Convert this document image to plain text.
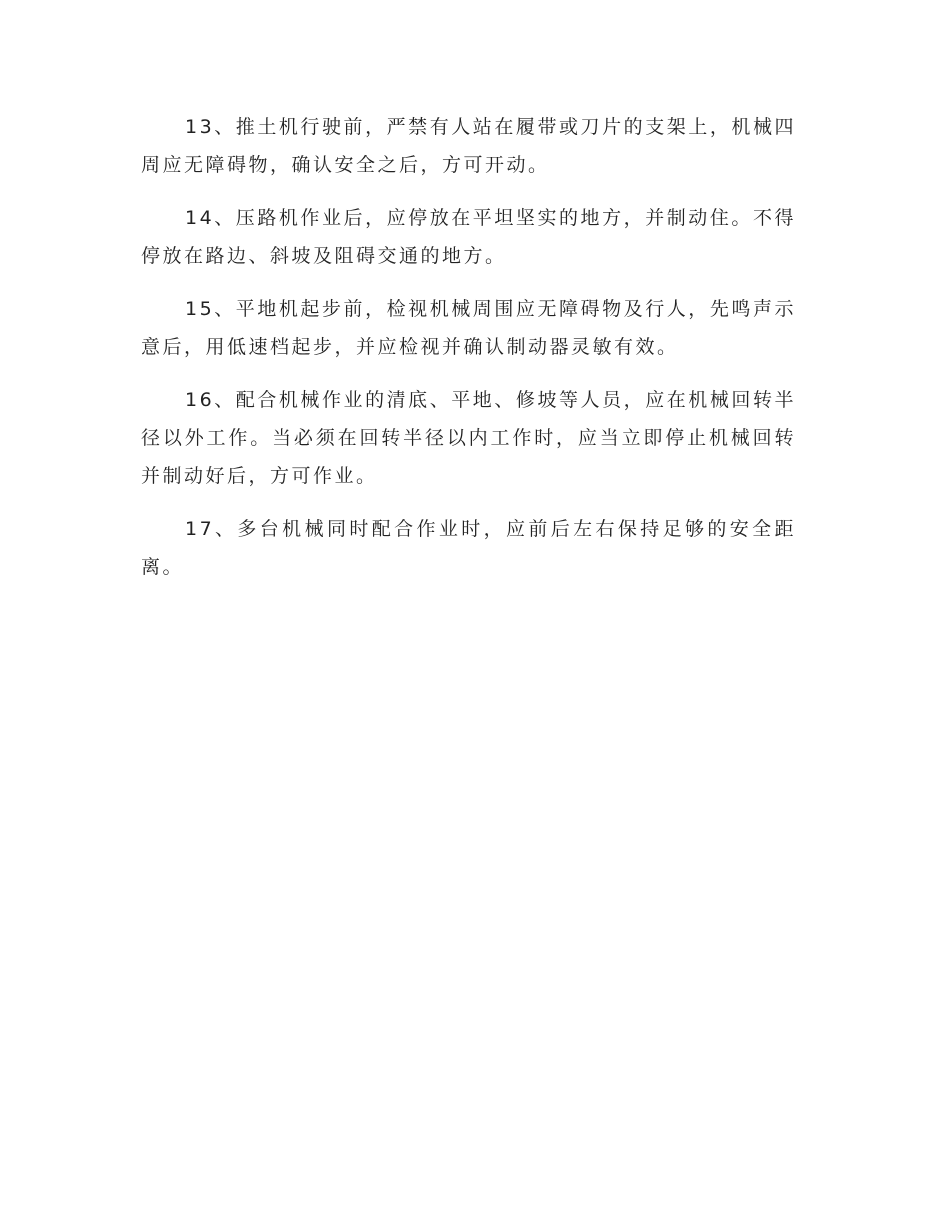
13、推土机行驶前，严禁有人站在履带或刀片的支架上，机械四周应无障碍物，确认安全之后，方可开动。

14、压路机作业后，应停放在平坦坚实的地方，并制动住。不得停放在路边、斜坡及阻碍交通的地方。

15、平地机起步前，检视机械周围应无障碍物及行人，先鸣声示意后，用低速档起步，并应检视并确认制动器灵敏有效。

16、配合机械作业的清底、平地、修坡等人员，应在机械回转半径以外工作。当必须在回转半径以内工作时，应当立即停止机械回转并制动好后，方可作业。

17、多台机械同时配合作业时，应前后左右保持足够的安全距离。
